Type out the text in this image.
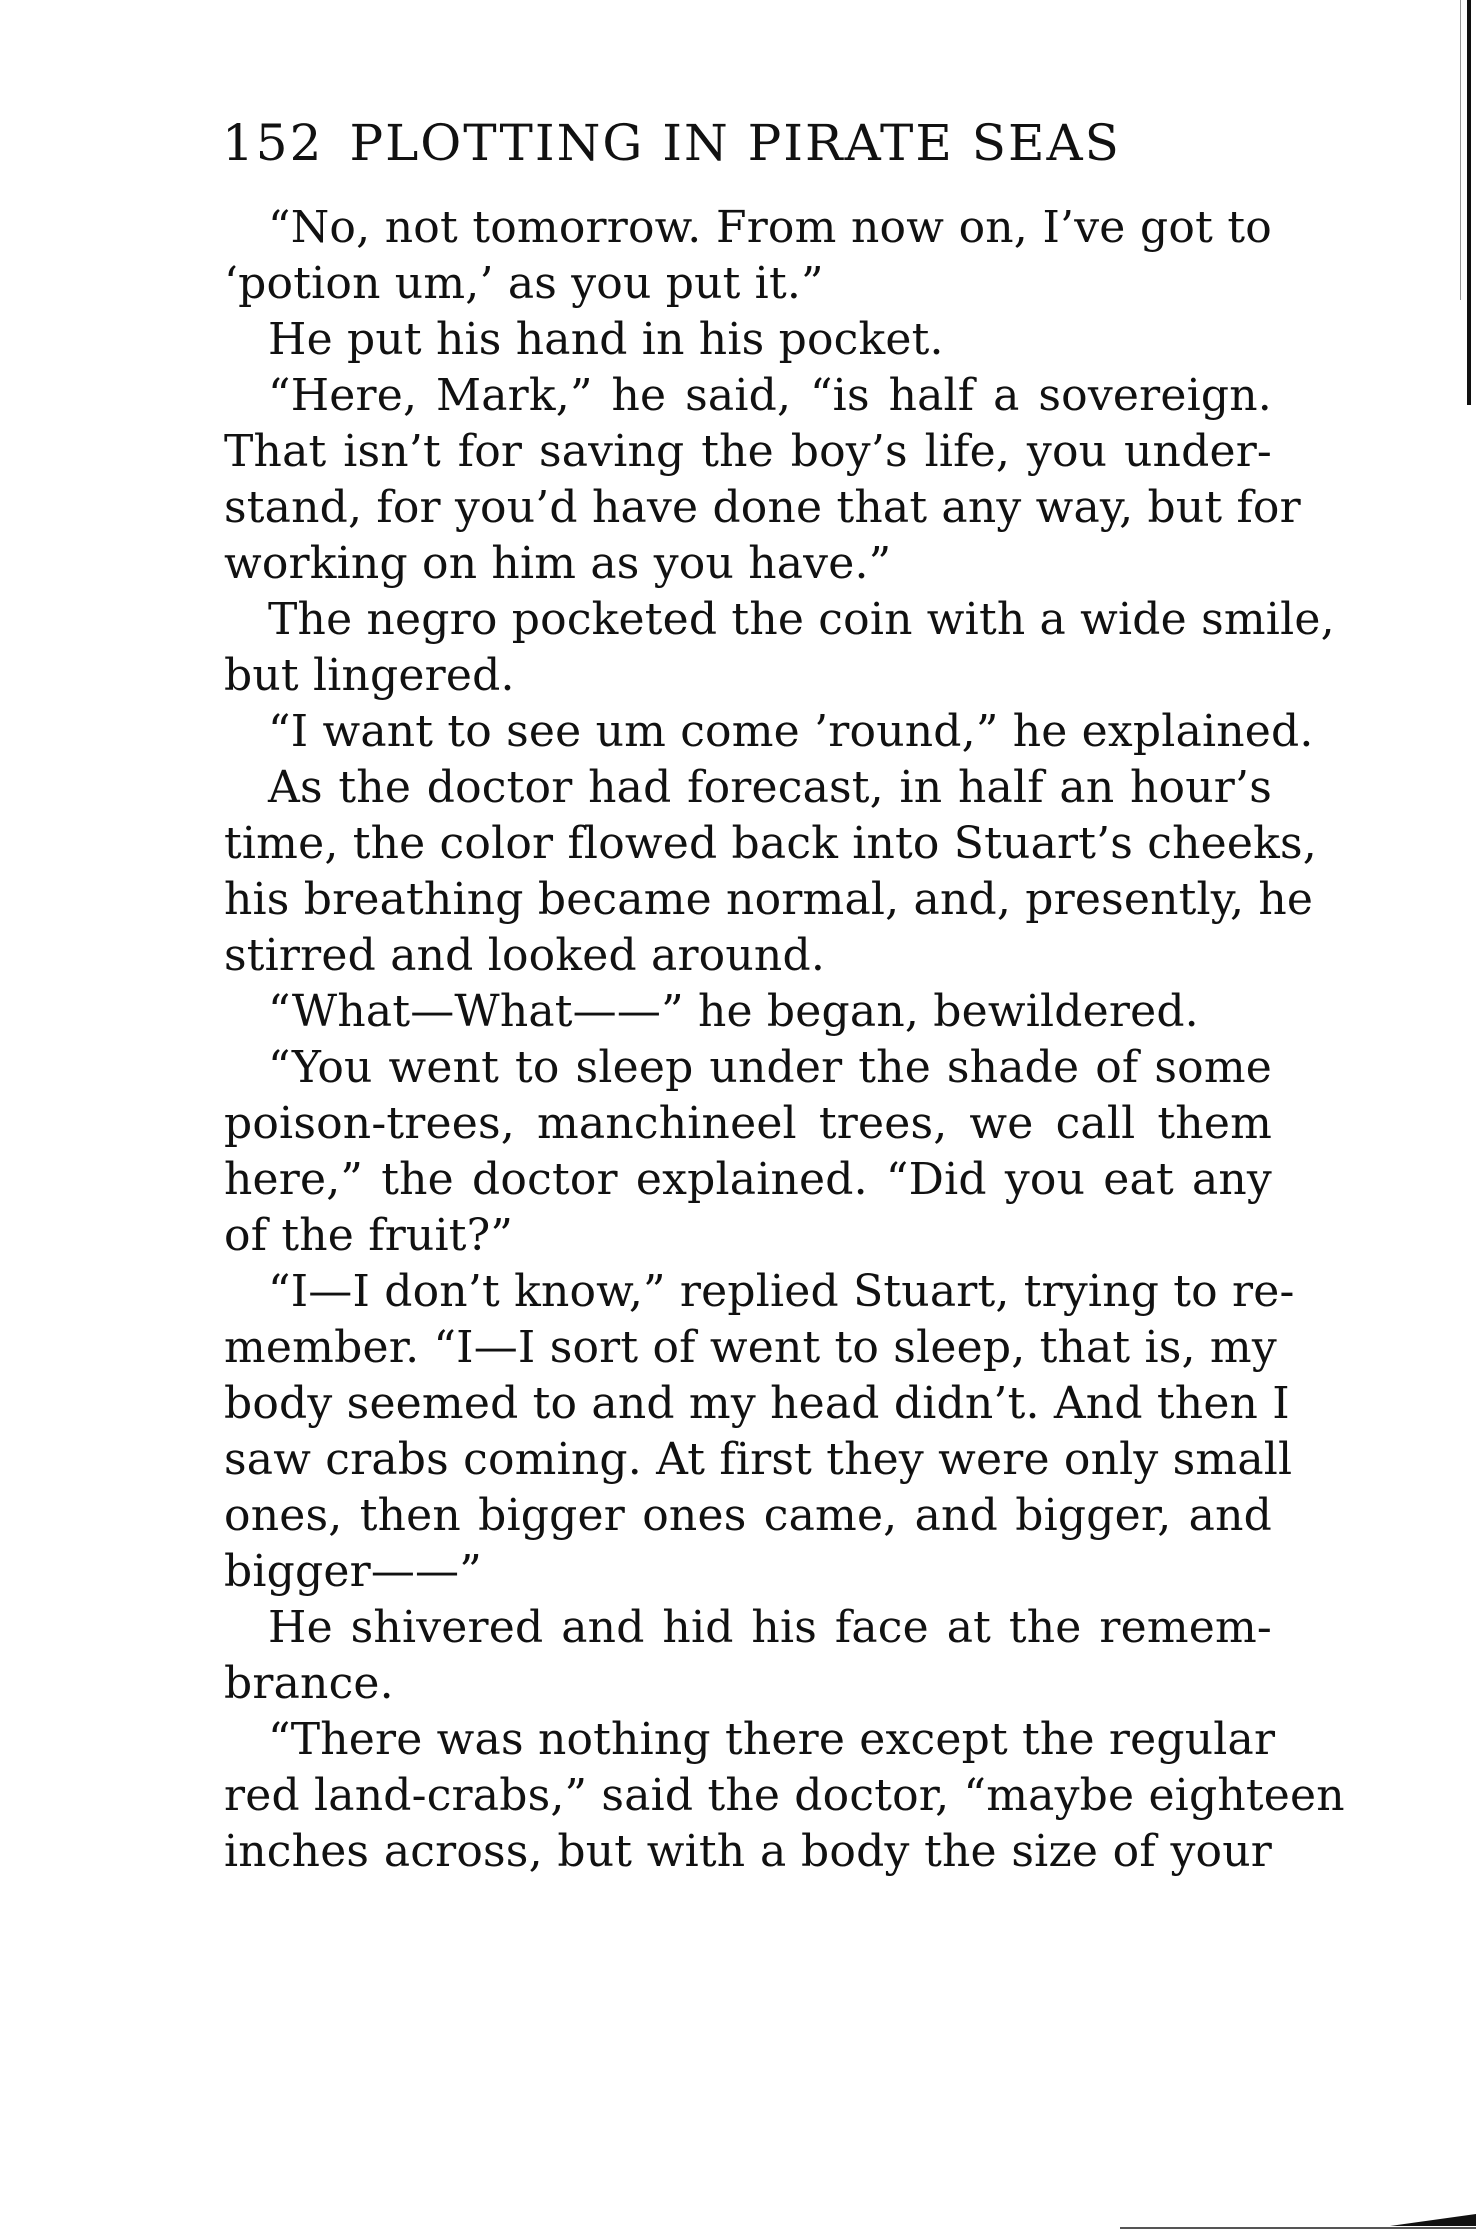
152 PLOTTING IN PIRATE SEAS
“No, not tomorrow. From now on, I’ve got to
‘potion um,’ as you put it.”
He put his hand in his pocket.
“Here, Mark,” he said, “is half a sovereign.
That isn’t for saving the boy’s life, you under-
stand, for you’d have done that any way, but for
working on him as you have.”
The negro pocketed the coin with a wide smile,
but lingered.
“I want to see um come ’round,” he explained.
As the doctor had forecast, in half an hour’s
time, the color flowed back into Stuart’s cheeks,
his breathing became normal, and, presently, he
stirred and looked around.
“What—What——” he began, bewildered.
“You went to sleep under the shade of some
poison-trees, manchineel trees, we call them
here,” the doctor explained. “Did you eat any
of the fruit?”
“I—I don’t know,” replied Stuart, trying to re-
member. “I—I sort of went to sleep, that is, my
body seemed to and my head didn’t. And then I
saw crabs coming. At first they were only small
ones, then bigger ones came, and bigger, and
bigger——”
He shivered and hid his face at the remem-
brance.
“There was nothing there except the regular
red land-crabs,” said the doctor, “maybe eighteen
inches across, but with a body the size of your
